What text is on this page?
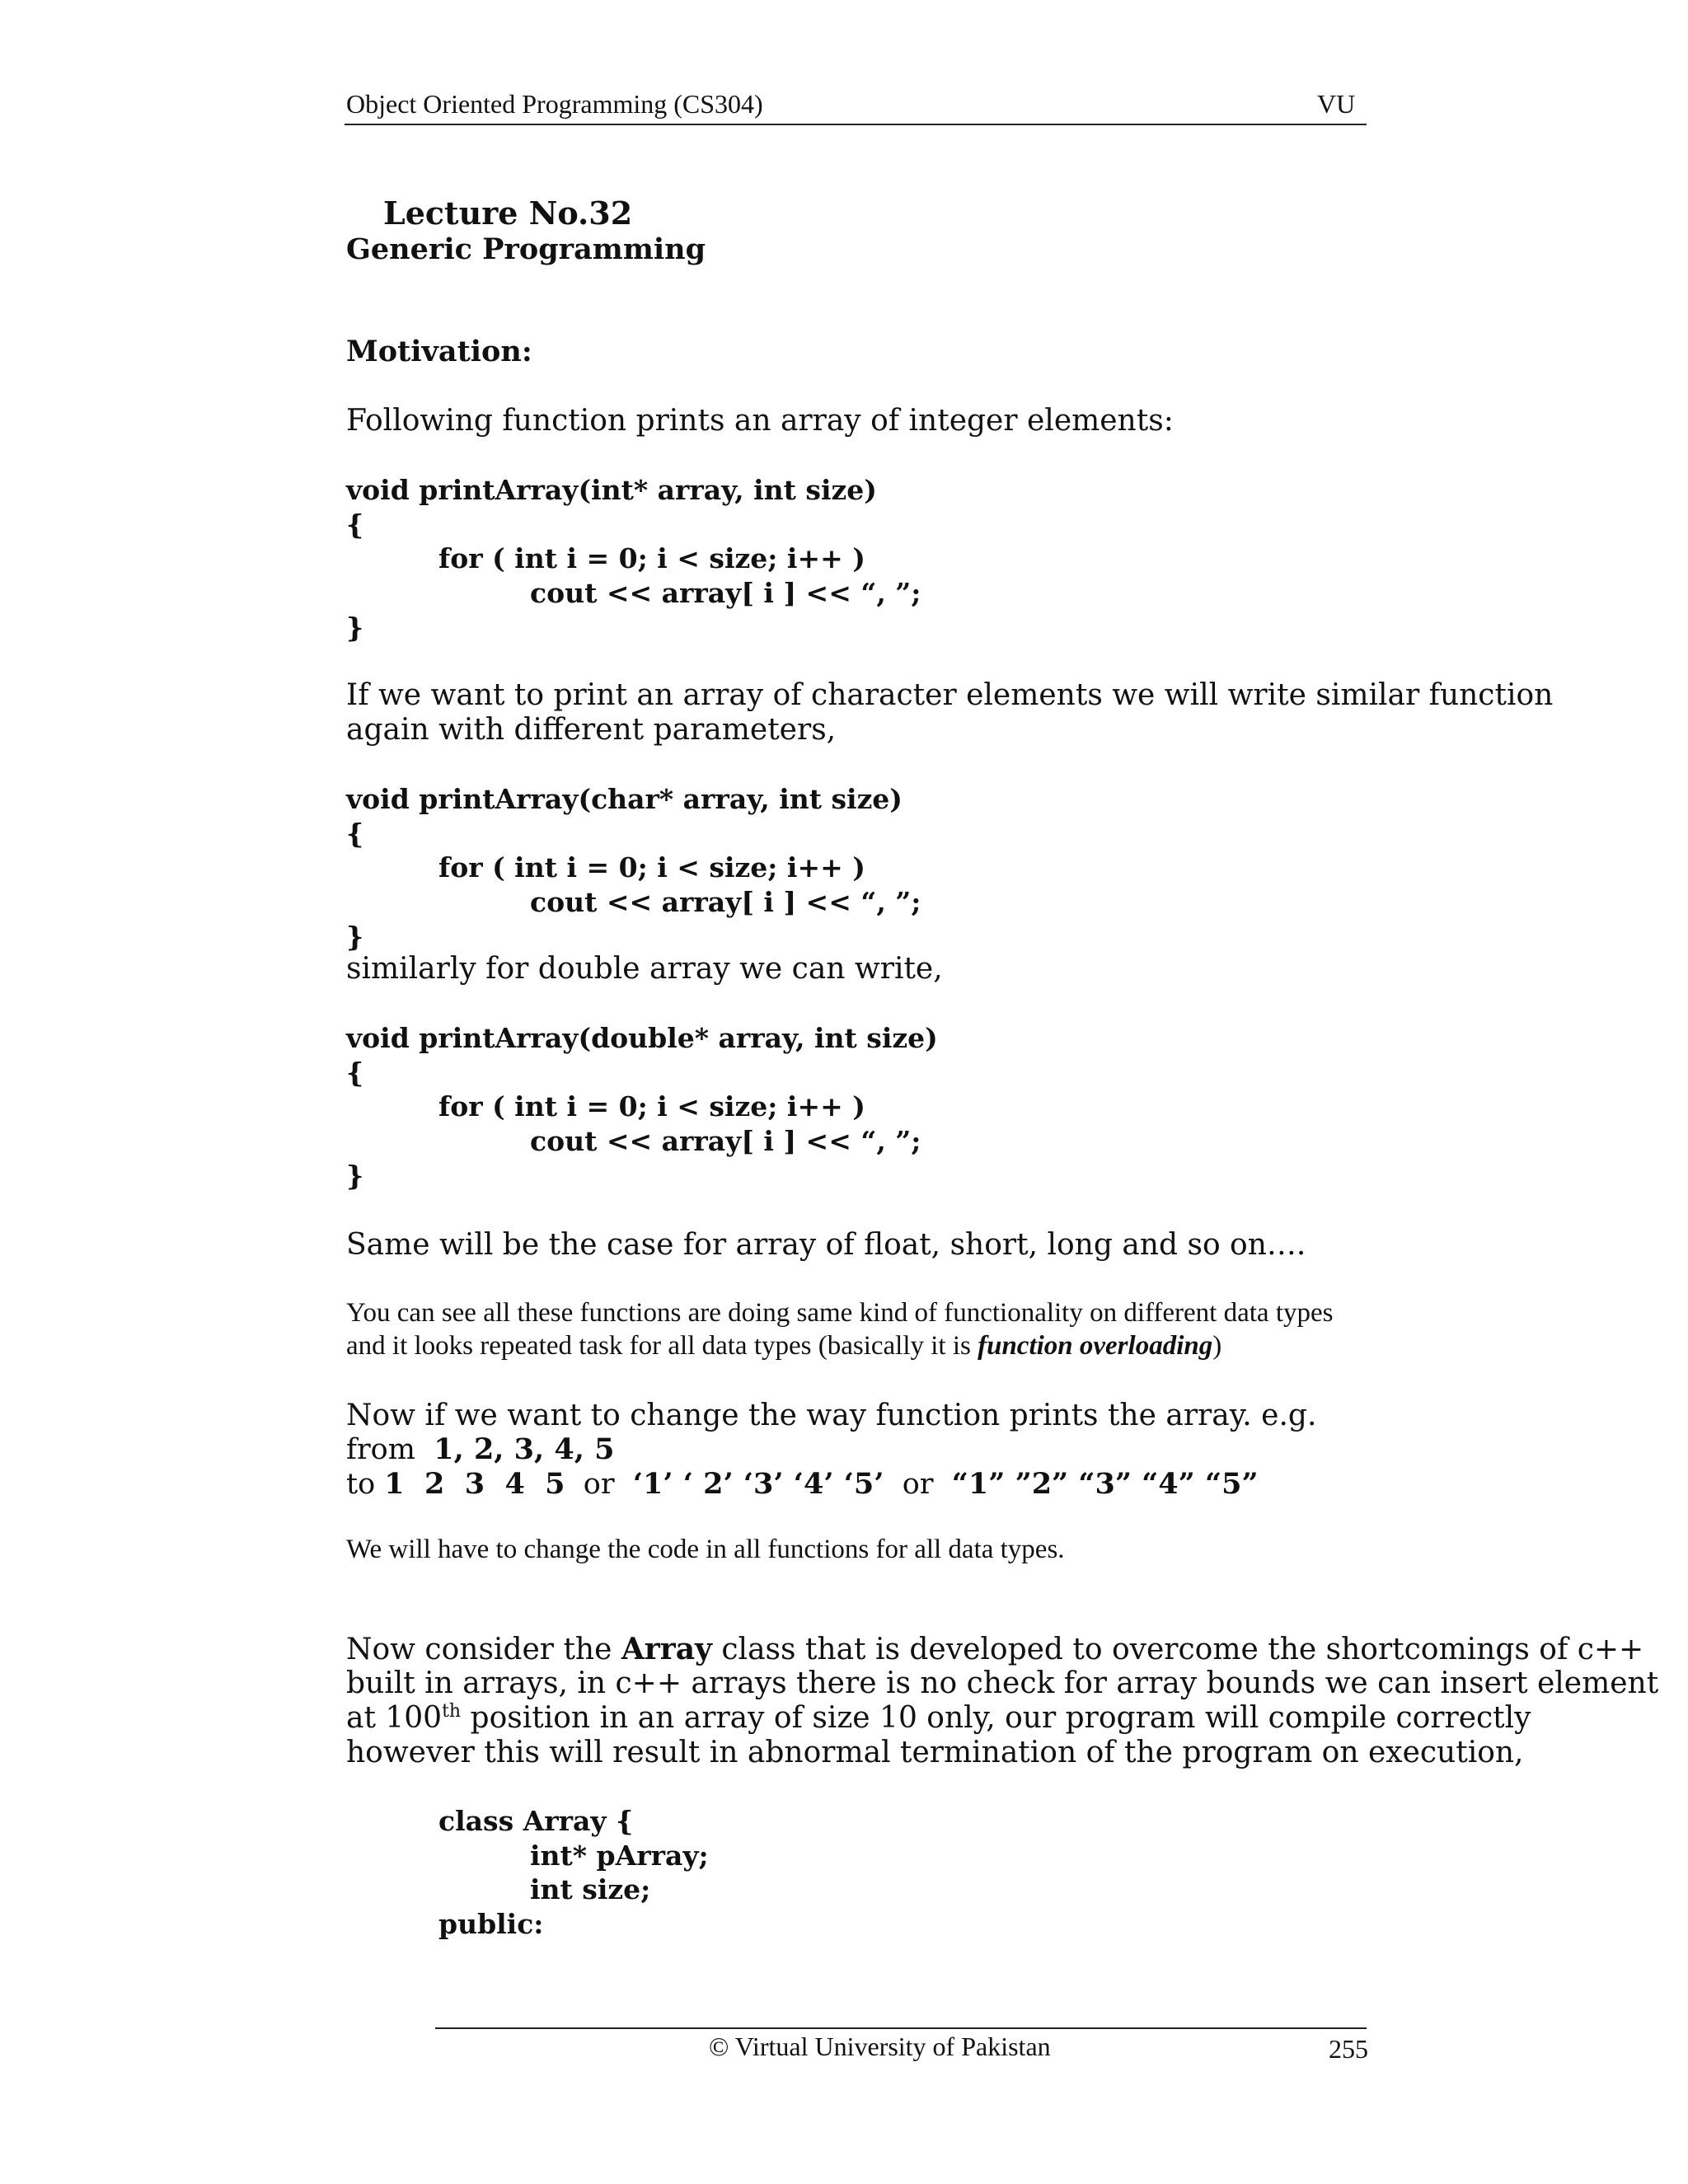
Object Oriented Programming (CS304)	VU
Lecture No.32
Generic Programming
Motivation:
Following function prints an array of integer elements:
void printArray(int* array, int size)
{
for ( int i = 0; i < size; i++ )
cout << array[ i ] << “, ”;
}
If we want to print an array of character elements we will write similar function
again with different parameters,
void printArray(char* array, int size)
{
for ( int i = 0; i < size; i++ )
cout << array[ i ] << “, ”;
}
similarly for double array we can write,
void printArray(double* array, int size)
{
for ( int i = 0; i < size; i++ )
cout << array[ i ] << “, ”;
}
Same will be the case for array of float, short, long and so on….
You can see all these functions are doing same kind of functionality on different data types
and it looks repeated task for all data types (basically it is function overloading)
Now if we want to change the way function prints the array. e.g.
from 1, 2, 3, 4, 5
to 1  2  3  4  5 or ‘1’ ‘ 2’ ‘3’ ‘4’ ‘5’ or “1” ”2” “3” “4” “5”
We will have to change the code in all functions for all data types.
Now consider the Array class that is developed to overcome the shortcomings of c++
built in arrays, in c++ arrays there is no check for array bounds we can insert element
at 100th position in an array of size 10 only, our program will compile correctly
however this will result in abnormal termination of the program on execution,
class Array {
int* pArray;
int size;
public:
© Virtual University of Pakistan	255
